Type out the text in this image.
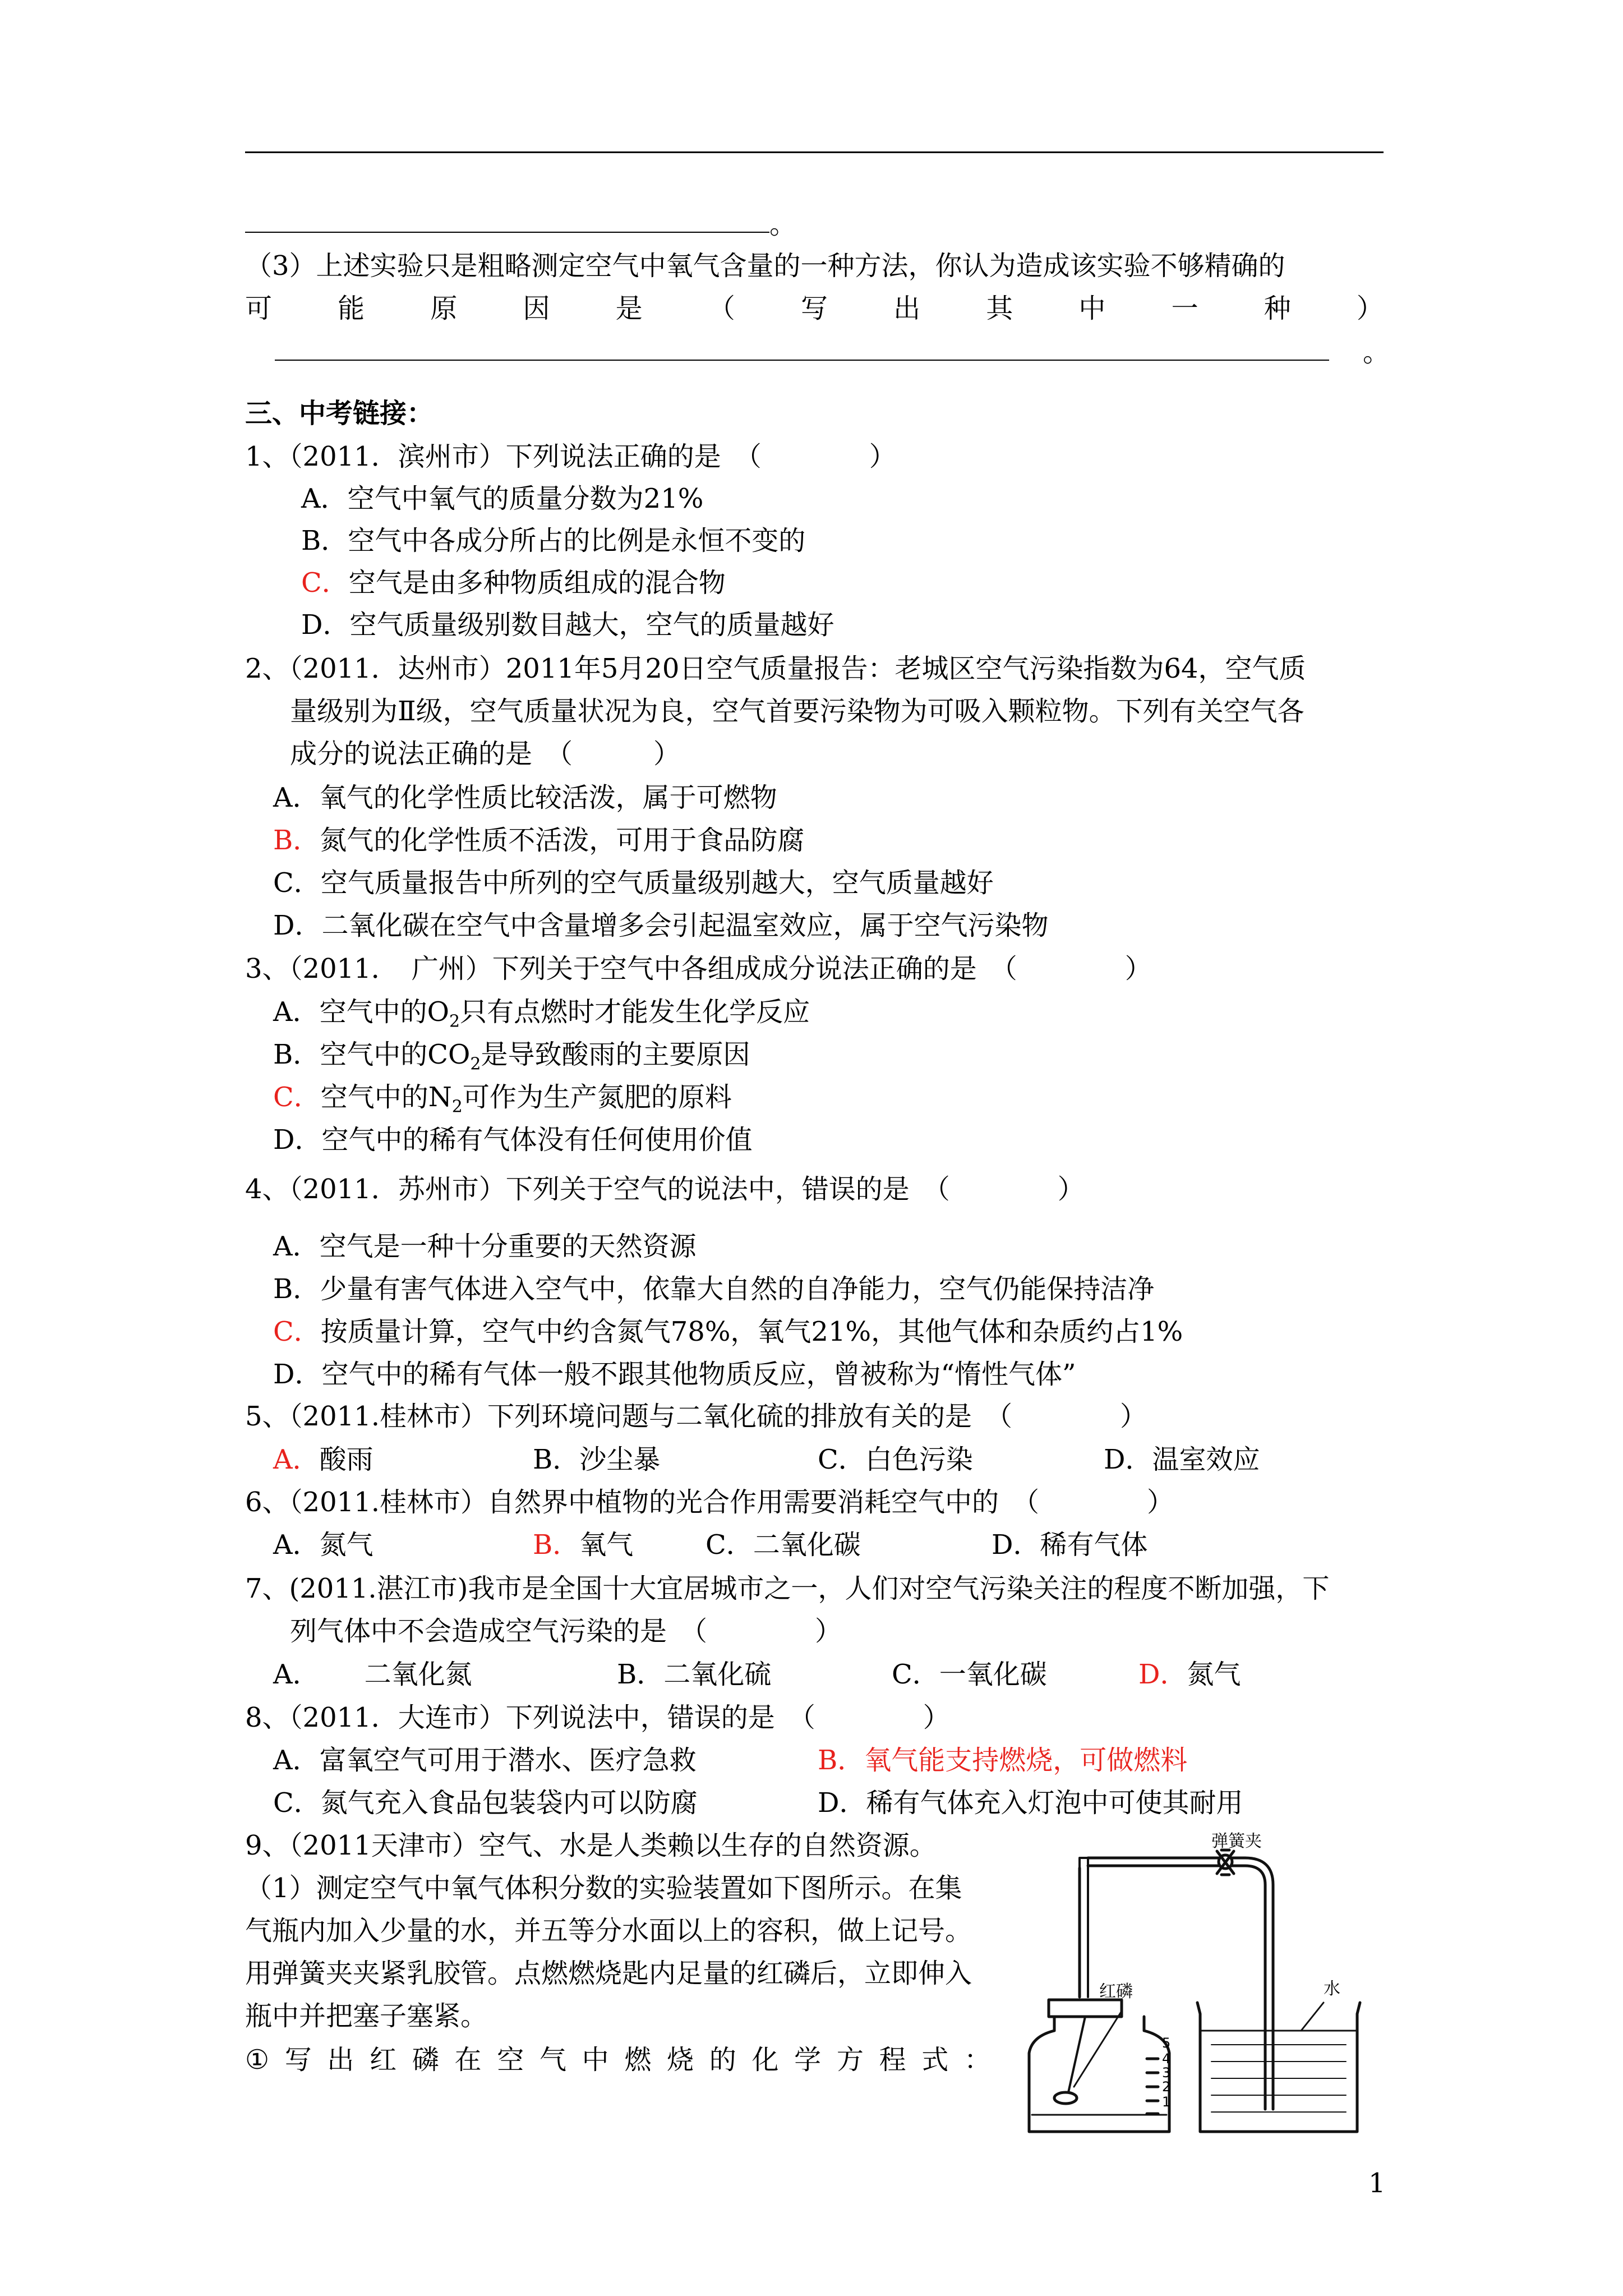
。
（3）上述实验只是粗略测定空气中氧气含量的一种方法，你认为造成该实验不够精确的
可 能 原 因 是 （ 写 出 其 中 一 种 ）
。
三、中考链接：
1、（2011．滨州市）下列说法正确的是　（　　　　）
A．空气中氧气的质量分数为21%
B．空气中各成分所占的比例是永恒不变的
C．空气是由多种物质组成的混合物
D．空气质量级别数目越大，空气的质量越好
2、（2011．达州市）2011年5月20日空气质量报告：老城区空气污染指数为64，空气质
量级别为Ⅱ级，空气质量状况为良，空气首要污染物为可吸入颗粒物。下列有关空气各
成分的说法正确的是　（　　　）
A．氧气的化学性质比较活泼，属于可燃物
B．氮气的化学性质不活泼，可用于食品防腐
C．空气质量报告中所列的空气质量级别越大，空气质量越好
D．二氧化碳在空气中含量增多会引起温室效应，属于空气污染物
3、（2011．　广州）下列关于空气中各组成成分说法正确的是　（　　　　）
A．空气中的$O_2$只有点燃时才能发生化学反应
B．空气中的$CO_2$是导致酸雨的主要原因
C．空气中的$N_2$可作为生产氮肥的原料
D．空气中的稀有气体没有任何使用价值
4、（2011．苏州市）下列关于空气的说法中，错误的是　（　　　　）
A．空气是一种十分重要的天然资源
B．少量有害气体进入空气中，依靠大自然的自净能力，空气仍能保持洁净
C．按质量计算，空气中约含氮气78%，氧气21%，其他气体和杂质约占1%
D．空气中的稀有气体一般不跟其他物质反应，曾被称为“惰性气体”
5、（2011.桂林市）下列环境问题与二氧化硫的排放有关的是　（　　　　）
A．酸雨	B．沙尘暴	C．白色污染	D．温室效应
6、（2011.桂林市）自然界中植物的光合作用需要消耗空气中的　（　　　　）
A．氮气	B．氧气	C．二氧化碳	D．稀有气体
7、(2011.湛江市)我市是全国十大宜居城市之一，人们对空气污染关注的程度不断加强，下
列气体中不会造成空气污染的是　（　　　　）
A． 二氧化氮	B．二氧化硫	C．一氧化碳	D．氮气
8、（2011．大连市）下列说法中，错误的是　（　　　　）
A．富氧空气可用于潜水、医疗急救	B．氧气能支持燃烧，可做燃料
C．氮气充入食品包装袋内可以防腐	D．稀有气体充入灯泡中可使其耐用
9、（2011天津市）空气、水是人类赖以生存的自然资源。
（1）测定空气中氧气体积分数的实验装置如下图所示。在集
气瓶内加入少量的水，并五等分水面以上的容积，做上记号。
用弹簧夹夹紧乳胶管。点燃燃烧匙内足量的红磷后，立即伸入
瓶中并把塞子塞紧。
① 写 出 红 磷 在 空 气 中 燃 烧 的 化 学 方 程 式 ：
弹簧夹
红磷	水
5
4
3
2
1
1
